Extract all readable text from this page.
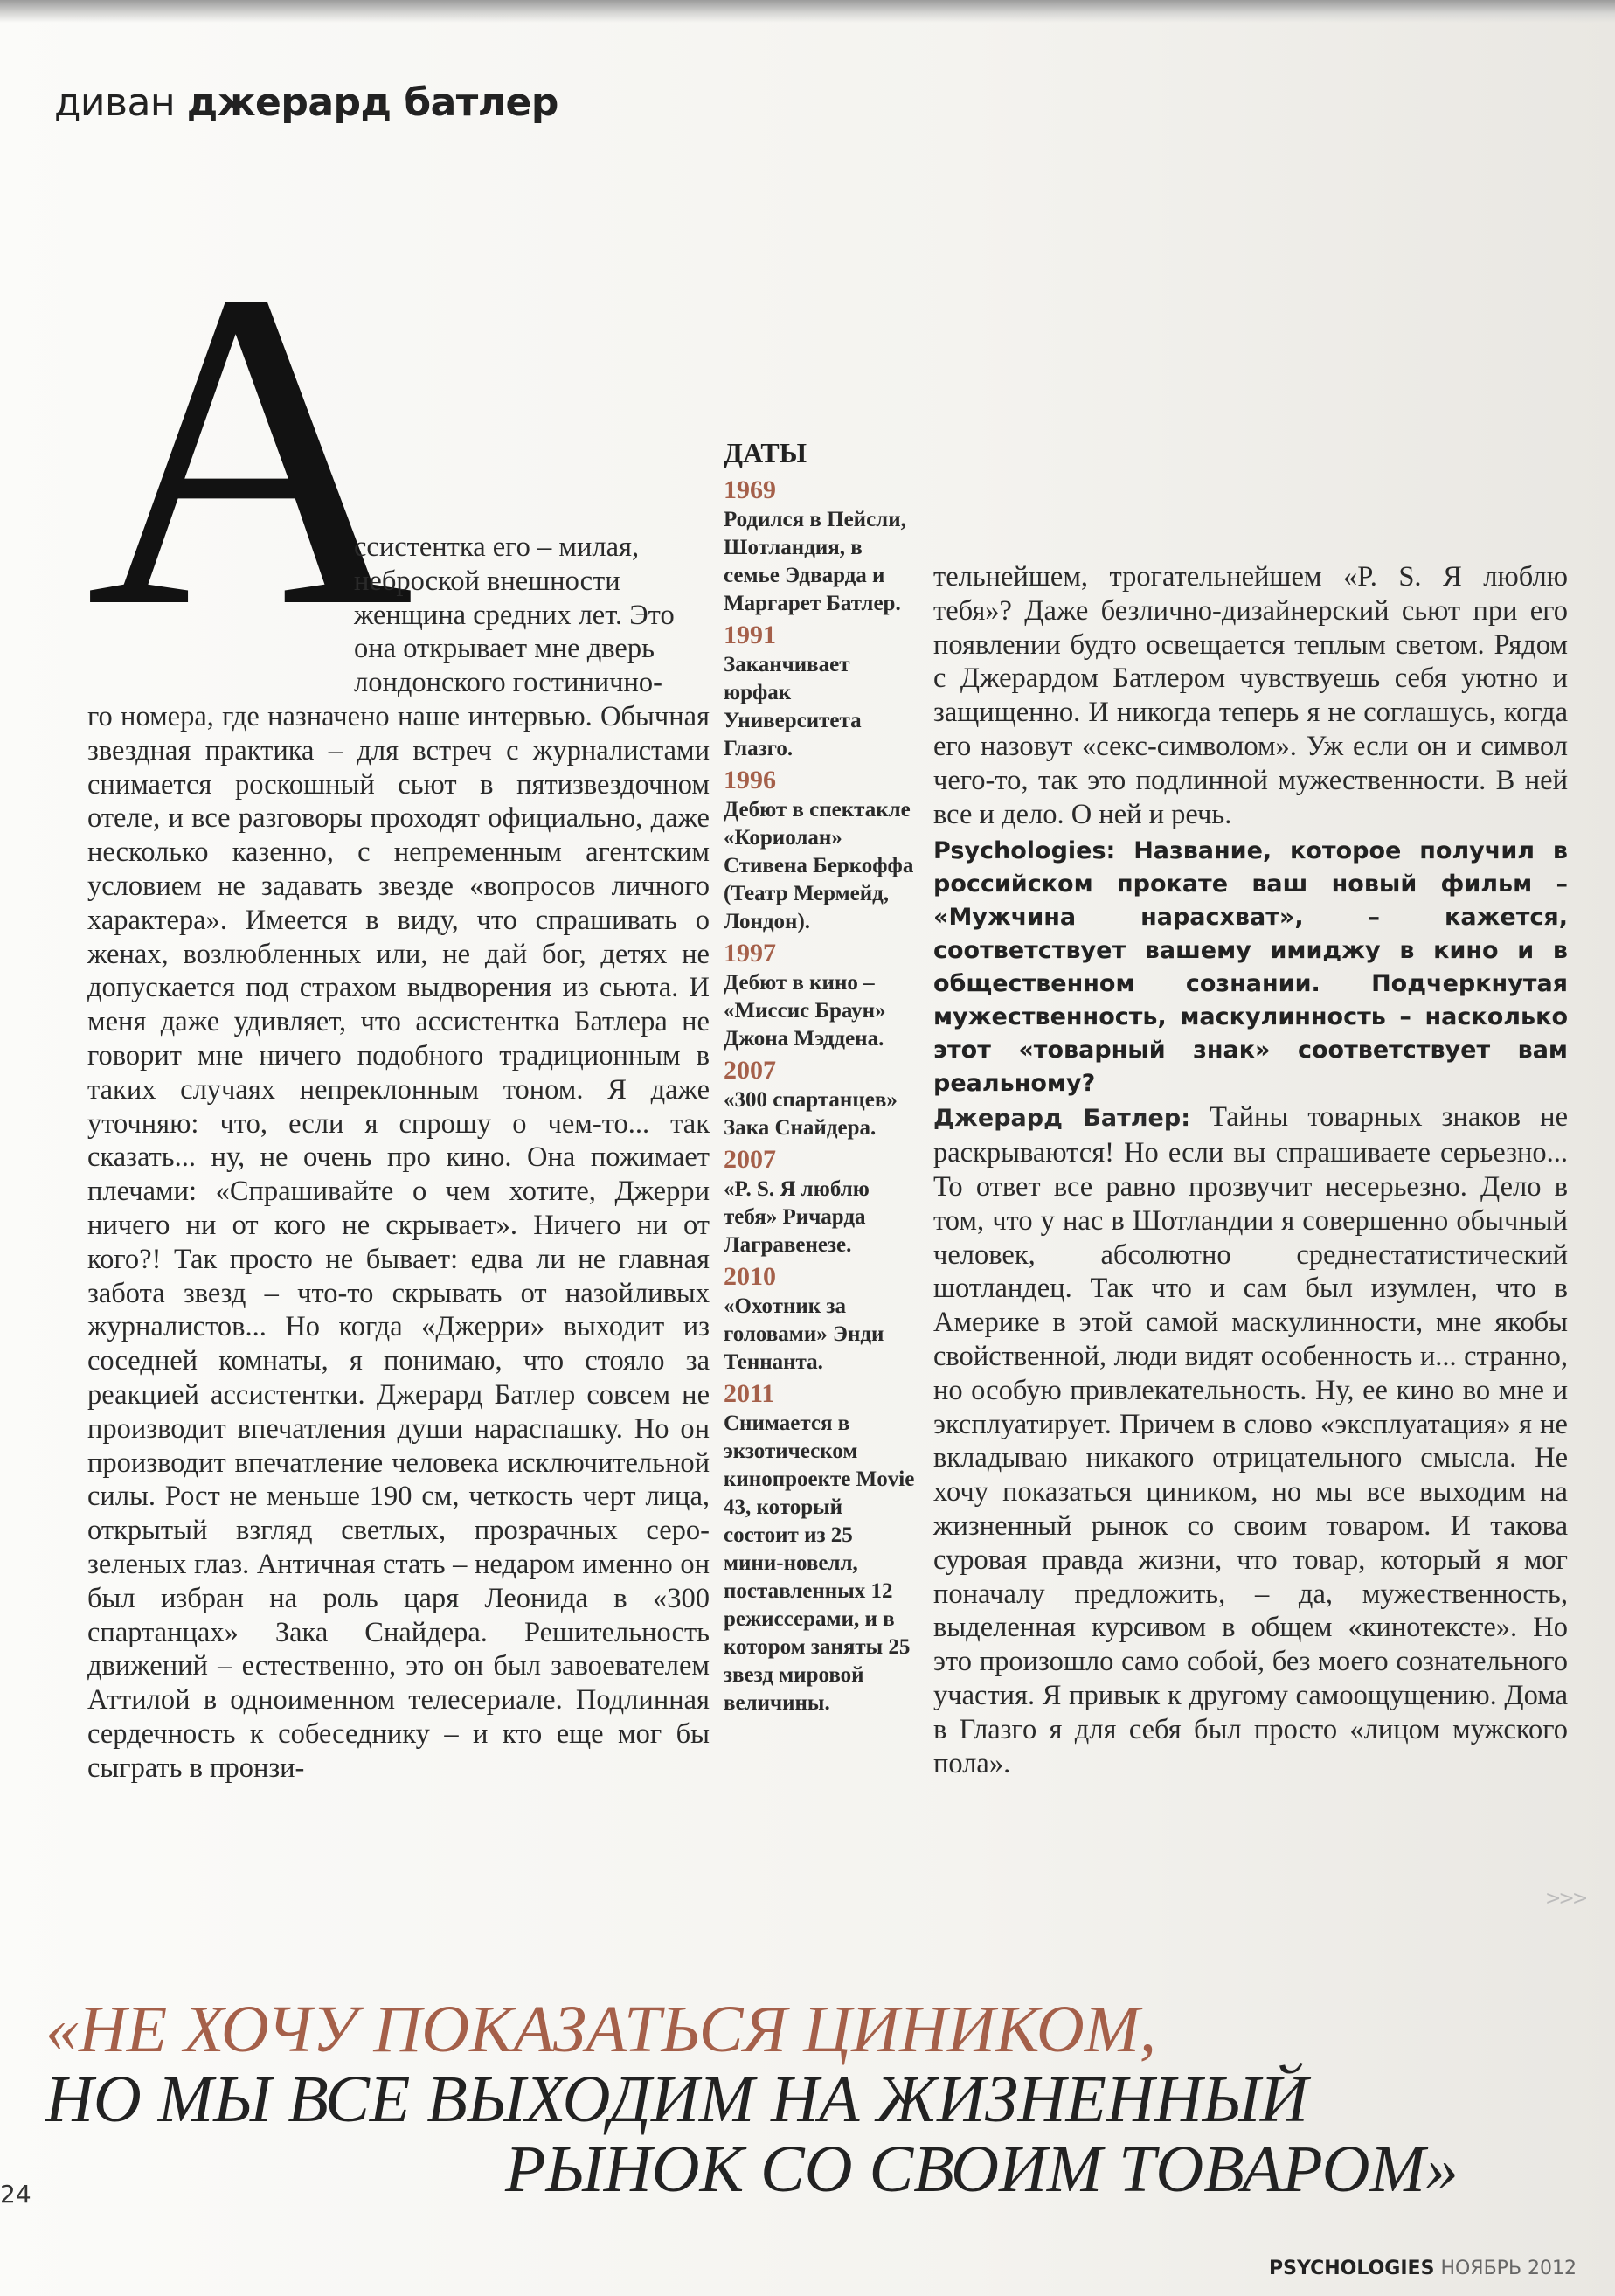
диван джерард батлер
А

ссистентка его – милая,

неброской внешности

женщина средних лет. Это

она открывает мне дверь

лондонского гостинично-

го номера, где назначено наше интервью. Обычная звездная практика – для встреч с журналистами снимается роскошный сьют в пятизвездочном отеле, и все разговоры проходят официально, даже несколько казенно, с непременным агентским условием не задавать звезде «вопросов личного характера». Имеется в виду, что спрашивать о женах, возлюбленных или, не дай бог, детях не допускается под страхом выдворения из сьюта. И меня даже удивляет, что ассистентка Батлера не говорит мне ничего подобного традиционным в таких случаях непреклонным тоном. Я даже уточняю: что, если я спрошу о чем-то... так сказать... ну, не очень про кино. Она пожимает плечами: «Спрашивайте о чем хотите, Джерри ничего ни от кого не скрывает». Ничего ни от кого?! Так просто не бывает: едва ли не главная забота звезд – что-то скрывать от назойливых журналистов... Но когда «Джерри» выходит из соседней комнаты, я понимаю, что стояло за реакцией ассистентки. Джерард Батлер совсем не производит впечатления души нараспашку. Но он производит впечатление человека исключительной силы. Рост не меньше 190 см, четкость черт лица, открытый взгляд светлых, прозрачных серо-зеленых глаз. Античная стать – недаром именно он был избран на роль царя Леонида в «300 спартанцах» Зака Снайдера. Решительность движений – естественно, это он был завоевателем Аттилой в одноименном телесериале. Подлинная сердечность к собеседнику – и кто еще мог бы сыграть в пронзи-

ДАТЫ
1969
Родился в Пейсли, Шотландия, в семье Эдварда и Маргарет Батлер.
1991
Заканчивает юрфак Университета Глазго.
1996
Дебют в спектакле «Кориолан» Стивена Беркоффа (Театр Мермейд, Лондон).
1997
Дебют в кино – «Миссис Браун» Джона Мэддена.
2007
«300 спартанцев» Зака Снайдера.
2007
«P. S. Я люблю тебя» Ричарда Лагравенезе.
2010
«Охотник за головами» Энди Теннанта.
2011
Снимается в экзотическом кинопроекте Movie 43, который состоит из 25 мини-новелл, поставленных 12 режиссерами, и в котором заняты 25 звезд мировой величины.

тельнейшем, трогательнейшем «P. S. Я люблю тебя»? Даже безлично-дизайнерский сьют при его появлении будто освещается теплым светом. Рядом с Джерардом Батлером чувствуешь себя уютно и защищенно. И никогда теперь я не соглашусь, когда его назовут «секс-символом». Уж если он и символ чего-то, так это подлинной мужественности. В ней все и дело. О ней и речь.

Psychologies: Название, которое получил в российском прокате ваш новый фильм – «Мужчина нарасхват», – кажется, соответствует вашему имиджу в кино и в общественном сознании. Подчеркнутая мужественность, маскулинность – насколько этот «товарный знак» соответствует вам реальному?

Джерард Батлер: Тайны товарных знаков не раскрываются! Но если вы спрашиваете серьезно... То ответ все равно прозвучит несерьезно. Дело в том, что у нас в Шотландии я совершенно обычный человек, абсолютно среднестатистический шотландец. Так что и сам был изумлен, что в Америке в этой самой маскулинности, мне якобы свойственной, люди видят особенность и... странно, но особую привлекательность. Ну, ее кино во мне и эксплуатирует. Причем в слово «эксплуатация» я не вкладываю никакого отрицательного смысла. Не хочу показаться циником, но мы все выходим на жизненный рынок со своим товаром. И такова суровая правда жизни, что товар, который я мог поначалу предложить, – да, мужественность, выделенная курсивом в общем «кинотексте». Но это произошло само собой, без моего сознательного участия. Я привык к другому самоощущению. Дома в Глазго я для себя был просто «лицом мужского пола».

>>>
«НЕ ХОЧУ ПОКАЗАТЬСЯ ЦИНИКОМ,
НО МЫ ВСЕ ВЫХОДИМ НА ЖИЗНЕННЫЙ
РЫНОК СО СВОИМ ТОВАРОМ»
24
PSYCHOLOGIES НОЯБРЬ 2012
